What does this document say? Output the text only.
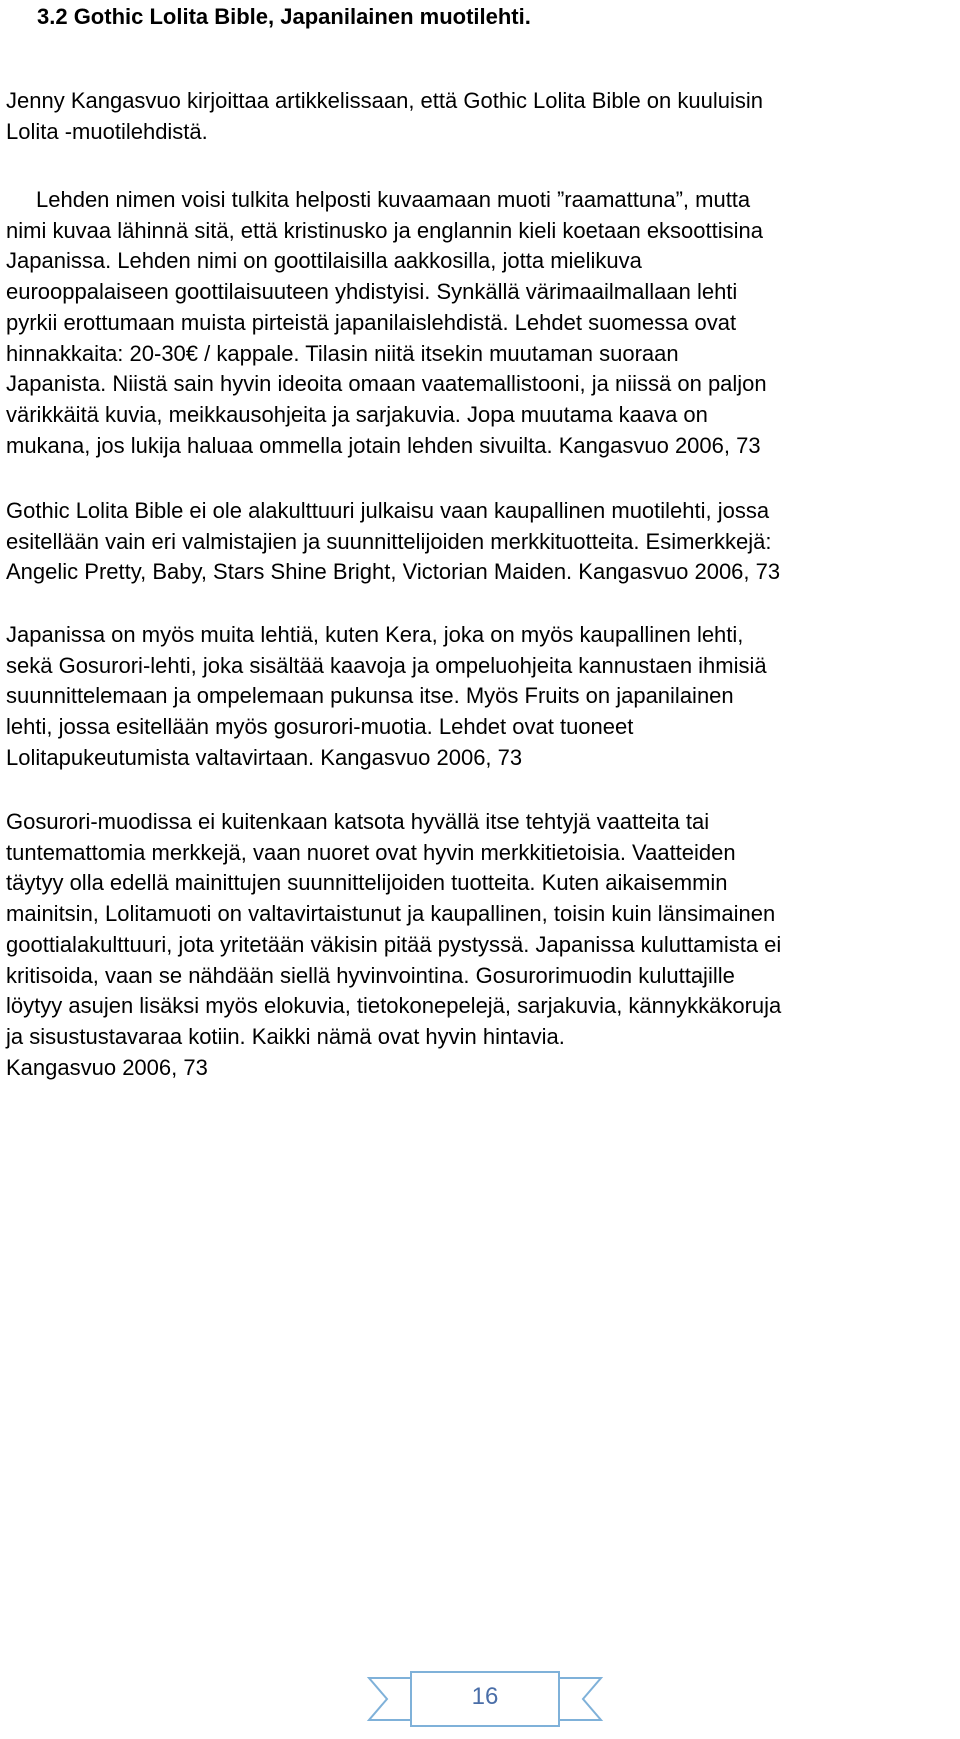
3.2 Gothic Lolita Bible, Japanilainen muotilehti.
Jenny Kangasvuo kirjoittaa artikkelissaan, että Gothic Lolita Bible on kuuluisin
Lolita -muotilehdistä.
Lehden nimen voisi tulkita helposti kuvaamaan muoti ”raamattuna”, mutta
nimi kuvaa lähinnä sitä, että kristinusko ja englannin kieli koetaan eksoottisina
Japanissa. Lehden nimi on goottilaisilla aakkosilla, jotta mielikuva
eurooppalaiseen goottilaisuuteen yhdistyisi. Synkällä värimaailmallaan lehti
pyrkii erottumaan muista pirteistä japanilaislehdistä. Lehdet suomessa ovat
hinnakkaita: 20-30€ / kappale. Tilasin niitä itsekin muutaman suoraan
Japanista. Niistä sain hyvin ideoita omaan vaatemallistooni, ja niissä on paljon
värikkäitä kuvia, meikkausohjeita ja sarjakuvia. Jopa muutama kaava on
mukana, jos lukija haluaa ommella jotain lehden sivuilta. Kangasvuo 2006, 73
Gothic Lolita Bible ei ole alakulttuuri julkaisu vaan kaupallinen muotilehti, jossa
esitellään vain eri valmistajien ja suunnittelijoiden merkkituotteita. Esimerkkejä:
Angelic Pretty, Baby, Stars Shine Bright, Victorian Maiden. Kangasvuo 2006, 73
Japanissa on myös muita lehtiä, kuten Kera, joka on myös kaupallinen lehti,
sekä Gosurori-lehti, joka sisältää kaavoja ja ompeluohjeita kannustaen ihmisiä
suunnittelemaan ja ompelemaan pukunsa itse. Myös Fruits on japanilainen
lehti, jossa esitellään myös gosurori-muotia. Lehdet ovat tuoneet
Lolitapukeutumista valtavirtaan. Kangasvuo 2006, 73
Gosurori-muodissa ei kuitenkaan katsota hyvällä itse tehtyjä vaatteita tai
tuntemattomia merkkejä, vaan nuoret ovat hyvin merkkitietoisia. Vaatteiden
täytyy olla edellä mainittujen suunnittelijoiden tuotteita. Kuten aikaisemmin
mainitsin, Lolitamuoti on valtavirtaistunut ja kaupallinen, toisin kuin länsimainen
goottialakulttuuri, jota yritetään väkisin pitää pystyssä. Japanissa kuluttamista ei
kritisoida, vaan se nähdään siellä hyvinvointina. Gosurorimuodin kuluttajille
löytyy asujen lisäksi myös elokuvia, tietokonepelejä, sarjakuvia, kännykkäkoruja
ja sisustustavaraa kotiin. Kaikki nämä ovat hyvin hintavia.
Kangasvuo 2006, 73
16
